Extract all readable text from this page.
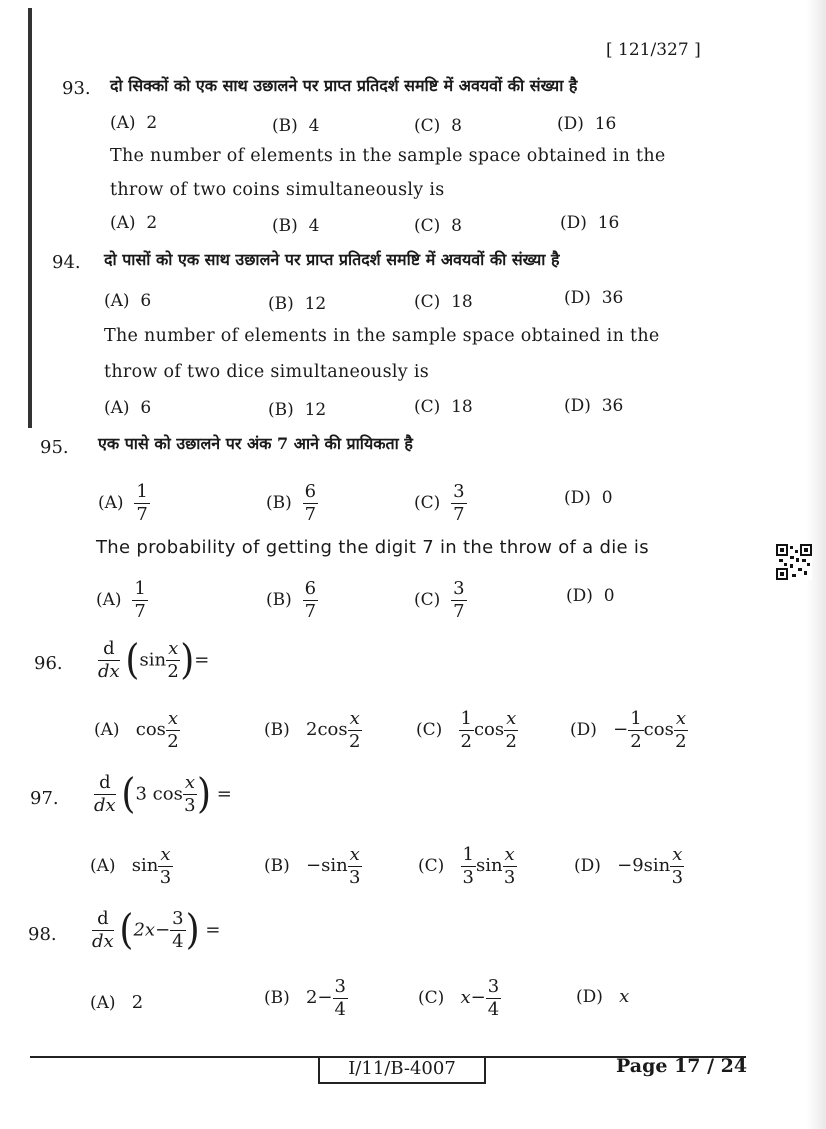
[ 121/327 ]
93. दो सिक्कों को एक साथ उछालने पर प्राप्त प्रतिदर्श समष्टि में अवयवों की संख्या है
(A) 2	(B) 4	(C) 8	(D) 16
The number of elements in the sample space obtained in the
throw of two coins simultaneously is
(A) 2	(B) 4	(C) 8	(D) 16
94. दो पासों को एक साथ उछालने पर प्राप्त प्रतिदर्श समष्टि में अवयवों की संख्या है
(A) 6	(B) 12	(C) 18	(D) 36
The number of elements in the sample space obtained in the
throw of two dice simultaneously is
(A) 6	(B) 12	(C) 18	(D) 36
95. एक पासे को उछालने पर अंक 7 आने की प्रायिकता है
$(A) \frac{1}{7}$	$(B) \frac{6}{7}$	$(C) \frac{3}{7}$	(D) 0
The probability of getting the digit 7 in the throw of a die is
$(A) \frac{1}{7}$	$(B) \frac{6}{7}$	$(C) \frac{3}{7}$	(D) 0
96. $\frac{d}{dx} (\sin \frac{x}{2}$ )=
(A) $\cos \frac{x}{2}$	(B) $2\cos \frac{x}{2}$	$(C) \frac{1}{2}$ $\cos \frac{x}{2}$	$(D) - \frac{1}{2}$ $\cos \frac{x}{2}$
97. $\frac{d}{dx} (3$ $\cos \frac{x}{3}$ ) =
(A) $\sin \frac{x}{3}$	$(B) -\sin \frac{x}{3}$	$(C) \frac{1}{3}$ $\sin \frac{x}{3}$	$(D) -9\sin \frac{x}{3}$
98. $\frac{d}{dx} (2x- \frac{3}{4}$ ) =
(A) 2	(B) $2- \frac{3}{4}$	(C) $x- \frac{3}{4}$	(D) x
I/11/B-4007	Page 17 / 24
